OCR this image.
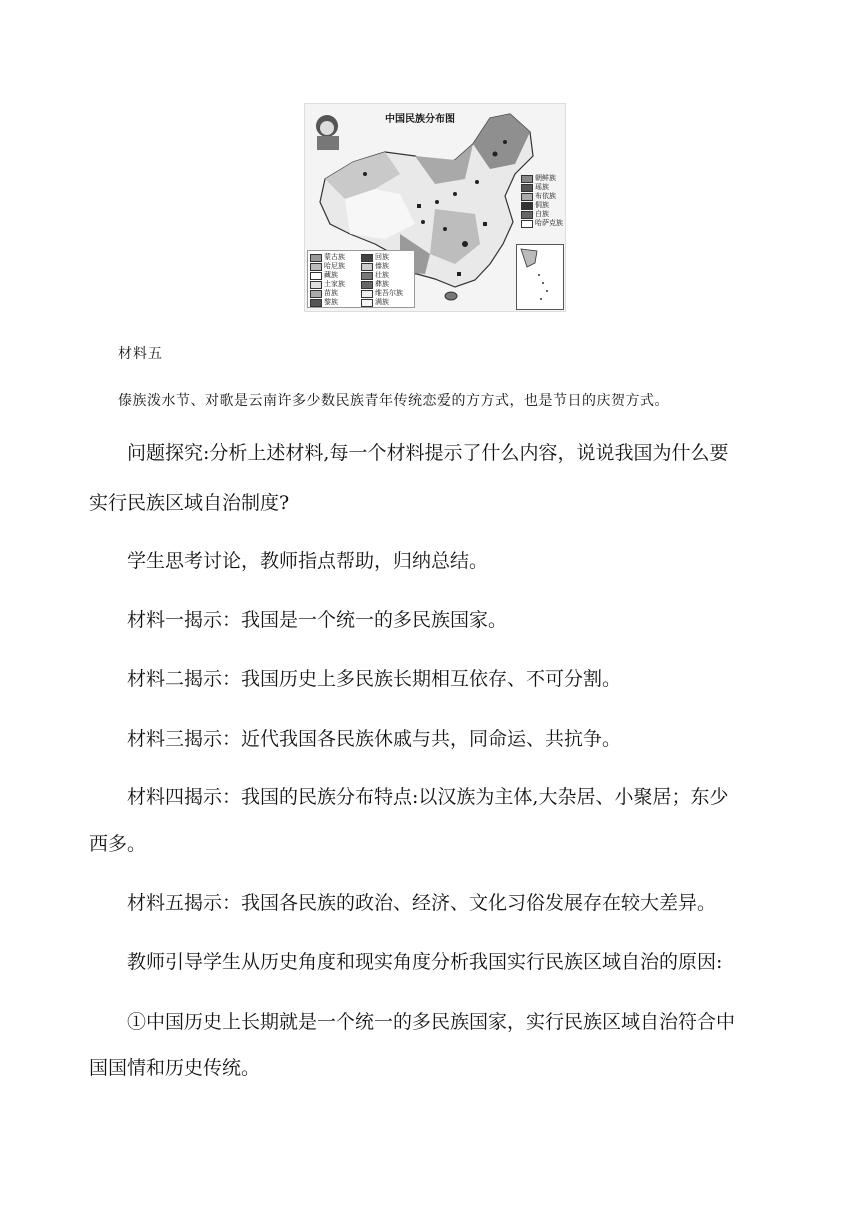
中国民族分布图
朝鲜族
瑶族
布依族
侗族
白族
哈萨克族
蒙古族	回族
哈尼族	傣族
藏族	壮族
土家族	彝族
苗族	维吾尔族
黎族	满族
材料五
傣族泼水节、对歌是云南许多少数民族青年传统恋爱的方方式，也是节日的庆贺方式。
问题探究:分析上述材料,每一个材料提示了什么内容，说说我国为什么要
实行民族区域自治制度?
学生思考讨论，教师指点帮助，归纳总结。
材料一揭示：我国是一个统一的多民族国家。
材料二揭示：我国历史上多民族长期相互依存、不可分割。
材料三揭示：近代我国各民族休戚与共，同命运、共抗争。
材料四揭示：我国的民族分布特点:以汉族为主体,大杂居、小聚居；东少
西多。
材料五揭示：我国各民族的政治、经济、文化习俗发展存在较大差异。
教师引导学生从历史角度和现实角度分析我国实行民族区域自治的原因:
①中国历史上长期就是一个统一的多民族国家，实行民族区域自治符合中
国国情和历史传统。
